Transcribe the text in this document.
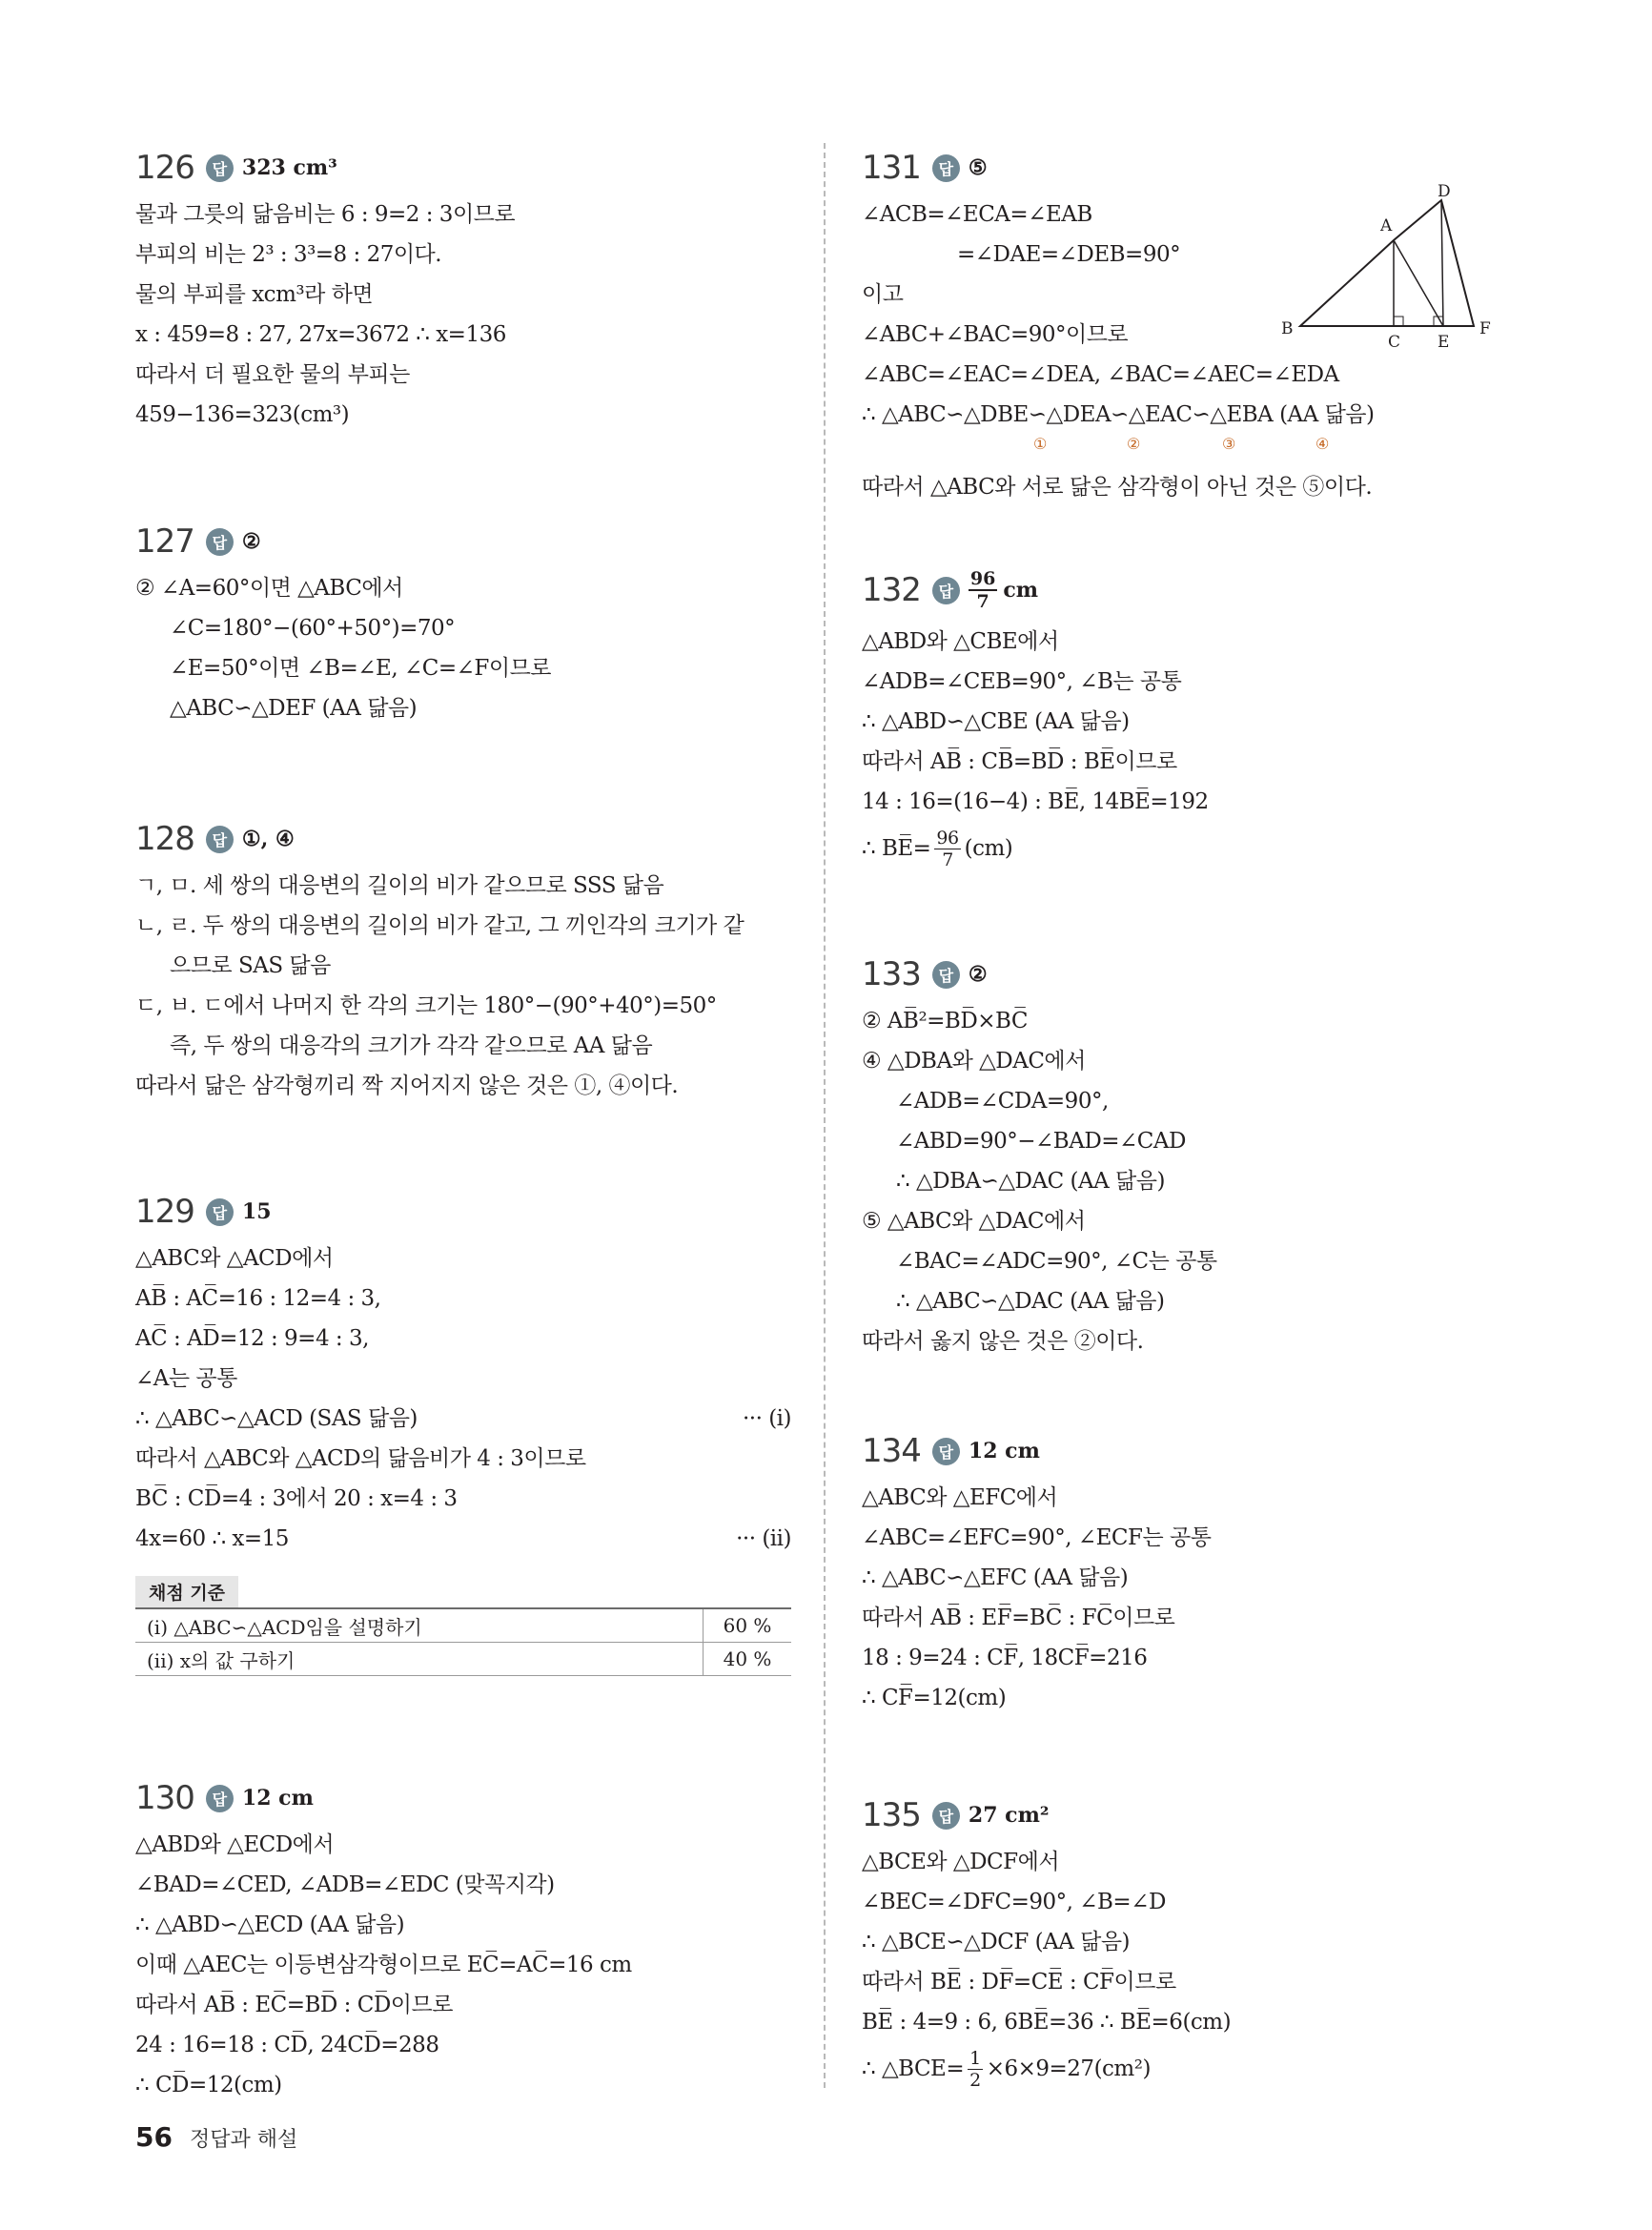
126	답 323 cm³
물과 그릇의 닮음비는 6 : 9=2 : 3이므로
부피의 비는 2³ : 3³=8 : 27이다.
물의 부피를 xcm³라 하면
x : 459=8 : 27, 27x=3672 ∴ x=136
따라서 더 필요한 물의 부피는
459−136=323(cm³)
127	답 ②
② ∠A=60°이면 △ABC에서
∠C=180°−(60°+50°)=70°
∠E=50°이면 ∠B=∠E, ∠C=∠F이므로
△ABC∽△DEF (AA 닮음)
128	답 ①, ④
ㄱ, ㅁ. 세 쌍의 대응변의 길이의 비가 같으므로 SSS 닮음
ㄴ, ㄹ. 두 쌍의 대응변의 길이의 비가 같고, 그 끼인각의 크기가 같
으므로 SAS 닮음
ㄷ, ㅂ. ㄷ에서 나머지 한 각의 크기는 180°−(90°+40°)=50°
즉, 두 쌍의 대응각의 크기가 각각 같으므로 AA 닮음
따라서 닮은 삼각형끼리 짝 지어지지 않은 것은 ①, ④이다.
129	답 15
△ABC와 △ACD에서
AB̅ : AC̅=16 : 12=4 : 3,
AC̅ : AD̅=12 : 9=4 : 3,
∠A는 공통
∴ △ABC∽△ACD (SAS 닮음)	··· (i)
따라서 △ABC와 △ACD의 닮음비가 4 : 3이므로
BC̅ : CD̅=4 : 3에서 20 : x=4 : 3
4x=60 ∴ x=15	··· (ii)
채점 기준
(i) △ABC∽△ACD임을 설명하기	60 %
(ii) x의 값 구하기	40 %
130	답 12 cm
△ABD와 △ECD에서
∠BAD=∠CED, ∠ADB=∠EDC (맞꼭지각)
∴ △ABD∽△ECD (AA 닮음)
이때 △AEC는 이등변삼각형이므로 EC̅=AC̅=16 cm
따라서 AB̅ : EC̅=BD̅ : CD̅이므로
24 : 16=18 : CD̅, 24CD̅=288
∴ CD̅=12(cm)
131	답 ⑤
∠ACB=∠ECA=∠EAB
=∠DAE=∠DEB=90°
이고
∠ABC+∠BAC=90°이므로
∠ABC=∠EAC=∠DEA, ∠BAC=∠AEC=∠EDA
∴ △ABC∽△DBE∽△DEA∽△EAC∽△EBA (AA 닮음)
①	②	③	④
따라서 △ABC와 서로 닮은 삼각형이 아닌 것은 ⑤이다.
B
A
C
D
E
F
132	답 $\frac{96}{7}$ cm
△ABD와 △CBE에서
∠ADB=∠CEB=90°, ∠B는 공통
∴ △ABD∽△CBE (AA 닮음)
따라서 AB̅ : CB̅=BD̅ : BE̅이므로
14 : 16=(16−4) : BE̅, 14BE̅=192
∴ BE̅= $\frac{96}{7} (cm)$
133	답 ②
② AB̅²=BD̅×BC̅
④ △DBA와 △DAC에서
∠ADB=∠CDA=90°,
∠ABD=90°−∠BAD=∠CAD
∴ △DBA∽△DAC (AA 닮음)
⑤ △ABC와 △DAC에서
∠BAC=∠ADC=90°, ∠C는 공통
∴ △ABC∽△DAC (AA 닮음)
따라서 옳지 않은 것은 ②이다.
134	답 12 cm
△ABC와 △EFC에서
∠ABC=∠EFC=90°, ∠ECF는 공통
∴ △ABC∽△EFC (AA 닮음)
따라서 AB̅ : EF̅=BC̅ : FC̅이므로
18 : 9=24 : CF̅, 18CF̅=216
∴ CF̅=12(cm)
135	답 27 cm²
△BCE와 △DCF에서
∠BEC=∠DFC=90°, ∠B=∠D
∴ △BCE∽△DCF (AA 닮음)
따라서 BE̅ : DF̅=CE̅ : CF̅이므로
BE̅ : 4=9 : 6, 6BE̅=36 ∴ BE̅=6(cm)
∴ △BCE= $\frac{1}{2} \times 6\times 9=27(cm^2)$
56 정답과 해설
